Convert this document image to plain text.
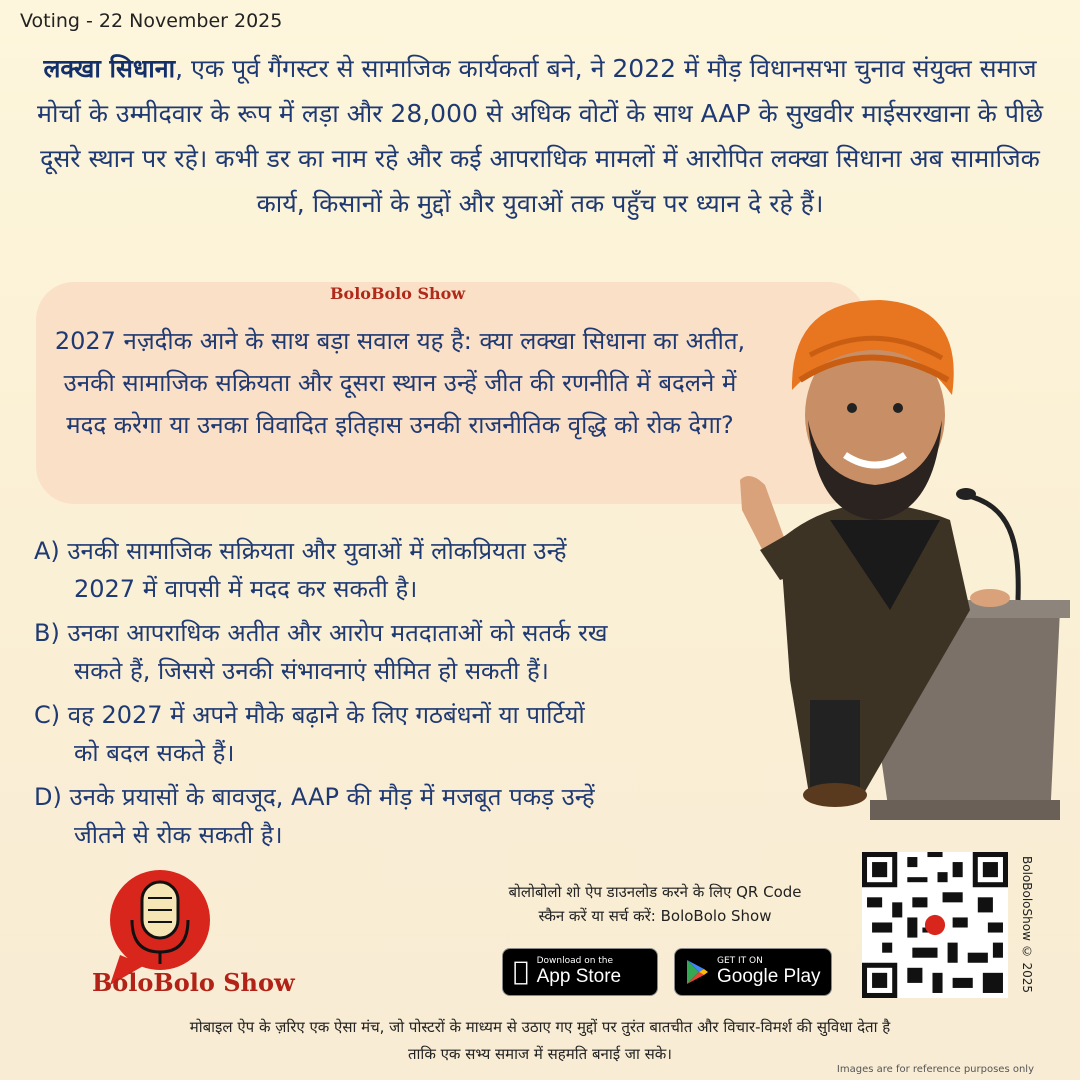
Voting - 22 November 2025
लक्खा सिधाना, एक पूर्व गैंगस्टर से सामाजिक कार्यकर्ता बने, ने 2022 में मौड़ विधानसभा चुनाव संयुक्त समाज मोर्चा के उम्मीदवार के रूप में लड़ा और 28,000 से अधिक वोटों के साथ AAP के सुखवीर माईसरखाना के पीछे दूसरे स्थान पर रहे। कभी डर का नाम रहे और कई आपराधिक मामलों में आरोपित लक्खा सिधाना अब सामाजिक कार्य, किसानों के मुद्दों और युवाओं तक पहुँच पर ध्यान दे रहे हैं।
BoloBolo Show
2027 नज़दीक आने के साथ बड़ा सवाल यह है: क्या लक्खा सिधाना का अतीत, उनकी सामाजिक सक्रियता और दूसरा स्थान उन्हें जीत की रणनीति में बदलने में मदद करेगा या उनका विवादित इतिहास उनकी राजनीतिक वृद्धि को रोक देगा?
A) उनकी सामाजिक सक्रियता और युवाओं में लोकप्रियता उन्हें
2027 में वापसी में मदद कर सकती है।
B) उनका आपराधिक अतीत और आरोप मतदाताओं को सतर्क रख
सकते हैं, जिससे उनकी संभावनाएं सीमित हो सकती हैं।
C) वह 2027 में अपने मौके बढ़ाने के लिए गठबंधनों या पार्टियों
को बदल सकते हैं।
D) उनके प्रयासों के बावजूद, AAP की मौड़ में मजबूत पकड़ उन्हें
जीतने से रोक सकती है।
BoloBolo Show
बोलोबोलो शो ऐप डाउनलोड करने के लिए QR Code
स्कैन करें या सर्च करें: BoloBolo Show
Download on the
App Store
GET IT ON
Google Play	BoloBoloShow © 2025
मोबाइल ऐप के ज़रिए एक ऐसा मंच, जो पोस्टरों के माध्यम से उठाए गए मुद्दों पर तुरंत बातचीत और विचार-विमर्श की सुविधा देता है
ताकि एक सभ्य समाज में सहमति बनाई जा सके।
Images are for reference purposes only
